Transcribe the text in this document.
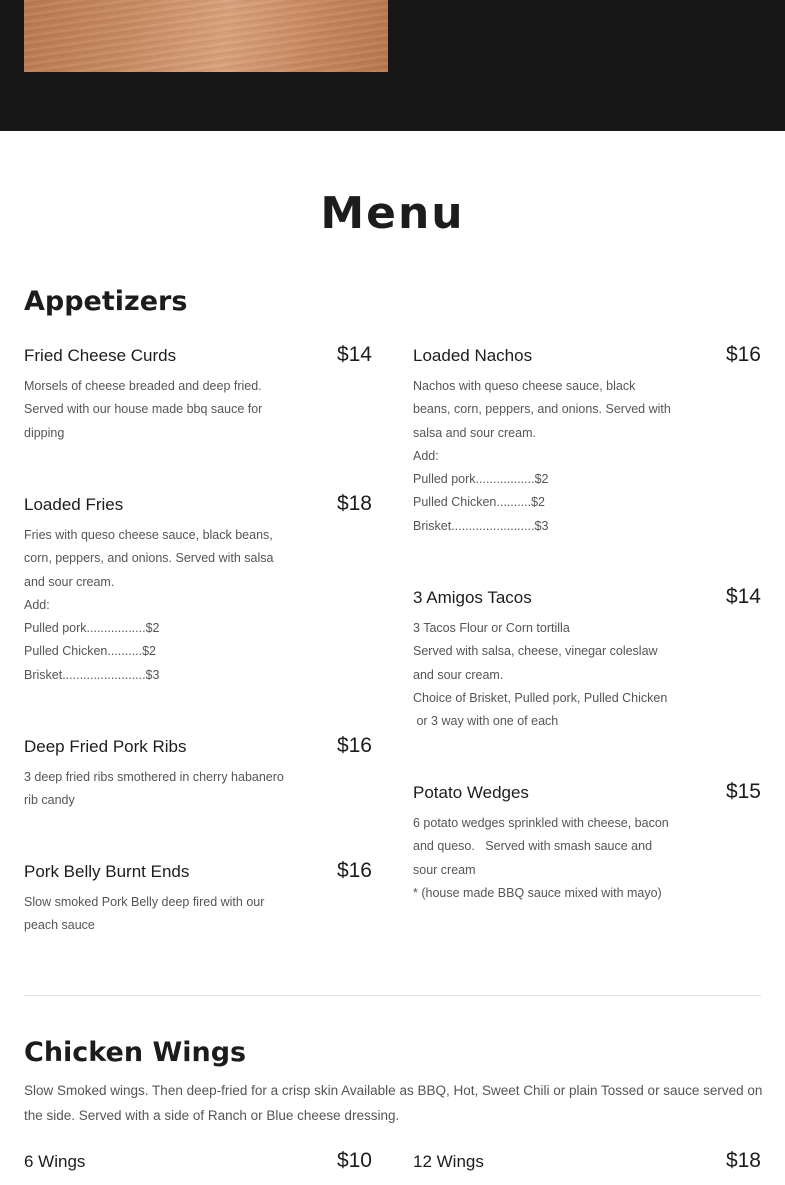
Menu
Appetizers
Fried Cheese Curds	$14
Morsels of cheese breaded and deep fried.
Served with our house made bbq sauce for
dipping
Loaded Fries	$18
Fries with queso cheese sauce, black beans,
corn, peppers, and onions. Served with salsa
and sour cream.
Add:
Pulled pork.................$2
Pulled Chicken..........$2
Brisket........................$3
Deep Fried Pork Ribs	$16
3 deep fried ribs smothered in cherry habanero
rib candy
Pork Belly Burnt Ends	$16
Slow smoked Pork Belly deep fired with our
peach sauce
Loaded Nachos	$16
Nachos with queso cheese sauce, black
beans, corn, peppers, and onions. Served with
salsa and sour cream.
Add:
Pulled pork.................$2
Pulled Chicken..........$2
Brisket........................$3
3 Amigos Tacos	$14
3 Tacos Flour or Corn tortilla
Served with salsa, cheese, vinegar coleslaw
and sour cream.
Choice of Brisket, Pulled pork, Pulled Chicken
or 3 way with one of each
Potato Wedges	$15
6 potato wedges sprinkled with cheese, bacon
and queso.   Served with smash sauce and
sour cream
* (house made BBQ sauce mixed with mayo)
Chicken Wings

Slow Smoked wings. Then deep-fried for a crisp skin Available as BBQ, Hot, Sweet Chili or plain Tossed or sauce served on the side. Served with a side of Ranch or Blue cheese dressing.

6 Wings	$10 12 Wings	$18
